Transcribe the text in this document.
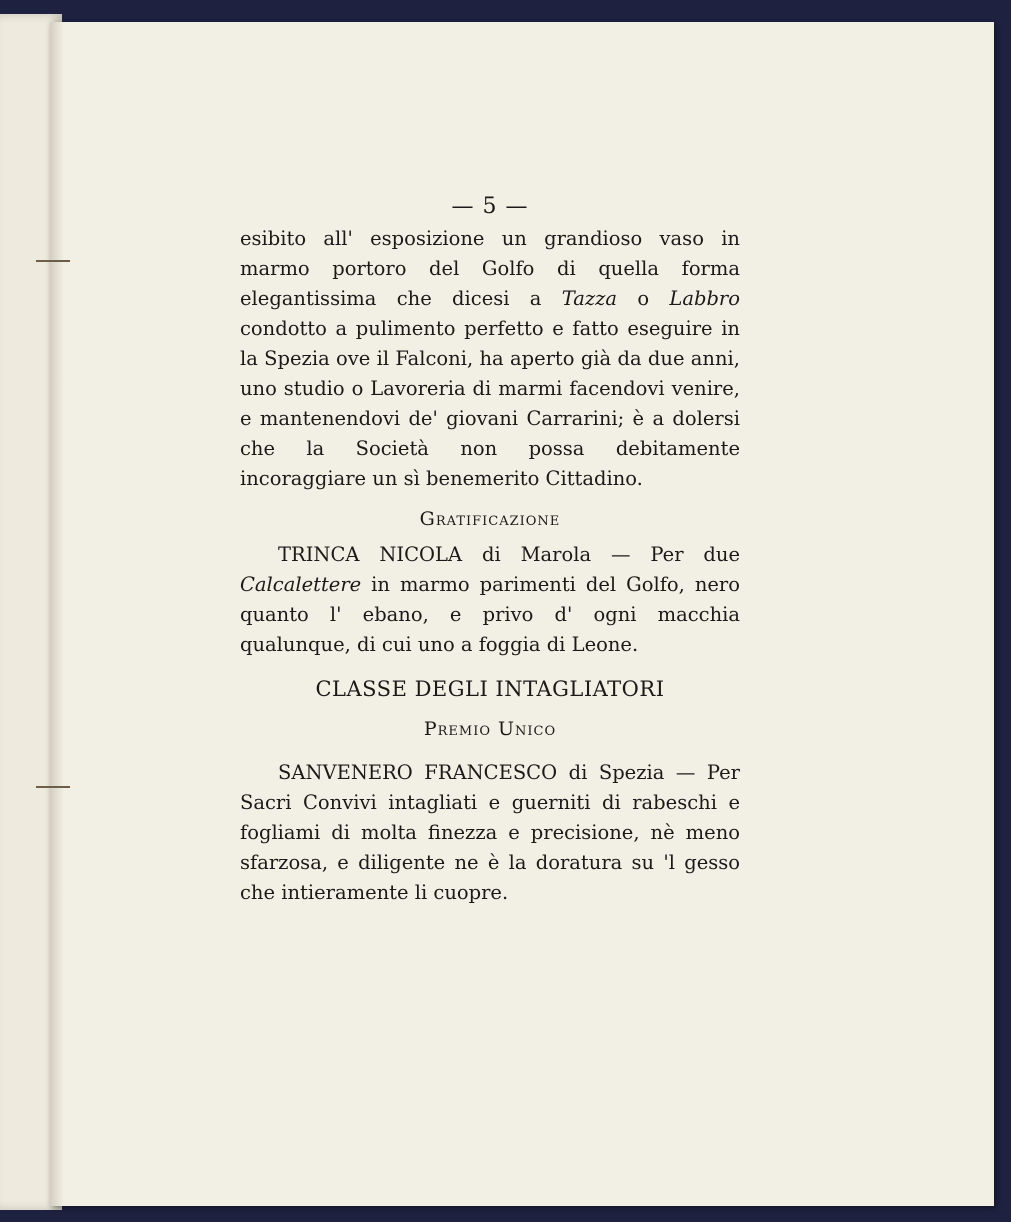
— 5 —

esibito all' esposizione un grandioso vaso in marmo portoro del Golfo di quella forma elegantissima che dicesi a Tazza o Labbro condotto a pulimento perfetto e fatto eseguire in la Spezia ove il Falconi, ha aperto già da due anni, uno studio o Lavoreria di marmi facendovi venire, e mantenendovi de' giovani Carrarini; è a dolersi che la Società non possa debitamente incoraggiare un sì benemerito Cittadino.

Gratificazione

TRINCA NICOLA di Marola — Per due Calcalettere in marmo parimenti del Golfo, nero quanto l' ebano, e privo d' ogni macchia qualunque, di cui uno a foggia di Leone.

CLASSE DEGLI INTAGLIATORI
Premio Unico

SANVENERO FRANCESCO di Spezia — Per Sacri Convivi intagliati e guerniti di rabeschi e fogliami di molta finezza e precisione, nè meno sfarzosa, e diligente ne è la doratura su 'l gesso che intieramente li cuopre.
